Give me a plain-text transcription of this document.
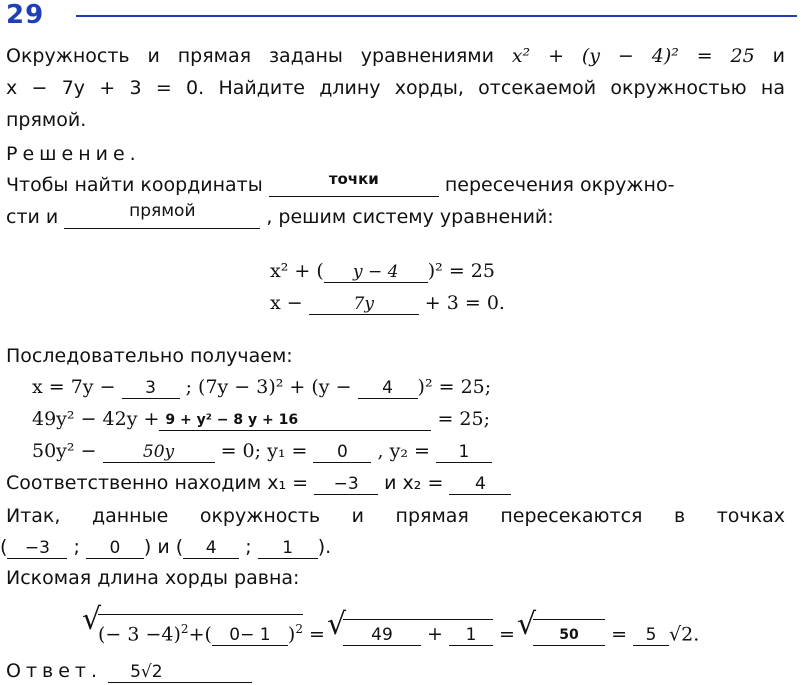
29
Окружность и прямая заданы уравнениями x² + (y − 4)² = 25 и
x − 7y + 3 = 0. Найдите длину хорды, отсекаемой окружностью на
прямой.
Решение.
Чтобы найти координаты	точки	пересечения окружно-
сти и	прямой	, решим систему уравнений:
x² + (	y − 4	)² = 25
x −	7y	+ 3 = 0.
Последовательно получаем:
x = 7y −	3	; (7y − 3)² + (y −	4	)² = 25;
49y² − 42y + 9 + y² − 8 y + 16	= 25;
50y² −	50y	= 0; y₁ =	0	, y₂ =	1
Соответственно находим x₁ =	−3	и x₂ =	4
Итак, данные окружность и прямая пересекаются в точках
(	−3	;	0	) и (	4	;	1	).
Искомая длина хорды равна:
√ (− 3 −4)$^2$+(	0− 1 )$^2$ =	√ 49	+	1	=	√ 50	=	5 √2.
Ответ.	5√2
